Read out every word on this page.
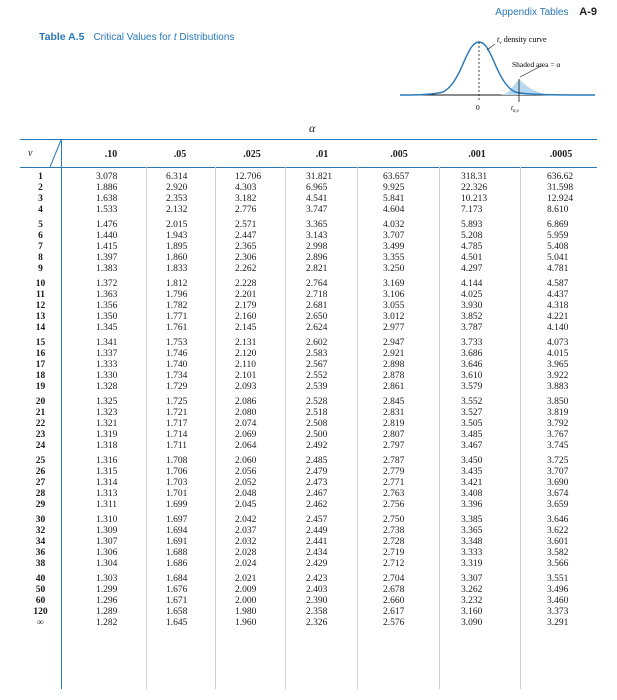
Appendix Tables A-9
Table A.5 Critical Values for t Distributions	$t_\nu$ density curve
Shaded area = α
0	$t_{\alpha,\nu}$
α
ν	.10	.05	.025	.01	.005	.001	.0005
1	3.078	6.314	12.706	31.821	63.657	318.31	636.62
2	1.886	2.920	4.303	6.965	9.925	22.326	31.598
3	1.638	2.353	3.182	4.541	5.841	10.213	12.924
4	1.533	2.132	2.776	3.747	4.604	7.173	8.610
5	1.476	2.015	2.571	3.365	4.032	5.893	6.869
6	1.440	1.943	2.447	3.143	3.707	5.208	5.959
7	1.415	1.895	2.365	2.998	3.499	4.785	5.408
8	1.397	1.860	2.306	2.896	3.355	4.501	5.041
9	1.383	1.833	2.262	2.821	3.250	4.297	4.781
10	1.372	1.812	2.228	2.764	3.169	4.144	4.587
11	1.363	1.796	2.201	2.718	3.106	4.025	4.437
12	1.356	1.782	2.179	2.681	3.055	3.930	4.318
13	1.350	1.771	2.160	2.650	3.012	3.852	4.221
14	1.345	1.761	2.145	2.624	2.977	3.787	4.140
15	1.341	1.753	2.131	2.602	2.947	3.733	4.073
16	1.337	1.746	2.120	2.583	2.921	3.686	4.015
17	1.333	1.740	2.110	2.567	2.898	3.646	3.965
18	1.330	1.734	2.101	2.552	2.878	3.610	3.922
19	1.328	1.729	2.093	2.539	2.861	3.579	3.883
20	1.325	1.725	2.086	2.528	2.845	3.552	3.850
21	1.323	1.721	2.080	2.518	2.831	3.527	3.819
22	1.321	1.717	2.074	2.508	2.819	3.505	3.792
23	1.319	1.714	2.069	2.500	2.807	3.485	3.767
24	1.318	1.711	2.064	2.492	2.797	3.467	3.745
25	1.316	1.708	2.060	2.485	2.787	3.450	3.725
26	1.315	1.706	2.056	2.479	2.779	3.435	3.707
27	1.314	1.703	2.052	2.473	2.771	3.421	3.690
28	1.313	1.701	2.048	2.467	2.763	3.408	3.674
29	1.311	1.699	2.045	2.462	2.756	3.396	3.659
30	1.310	1.697	2.042	2.457	2.750	3.385	3.646
32	1.309	1.694	2.037	2.449	2.738	3.365	3.622
34	1.307	1.691	2.032	2.441	2.728	3.348	3.601
36	1.306	1.688	2.028	2.434	2.719	3.333	3.582
38	1.304	1.686	2.024	2.429	2.712	3.319	3.566
40	1.303	1.684	2.021	2.423	2.704	3.307	3.551
50	1.299	1.676	2.009	2.403	2.678	3.262	3.496
60	1.296	1.671	2.000	2.390	2.660	3.232	3.460
120	1.289	1.658	1.980	2.358	2.617	3.160	3.373
∞	1.282	1.645	1.960	2.326	2.576	3.090	3.291
